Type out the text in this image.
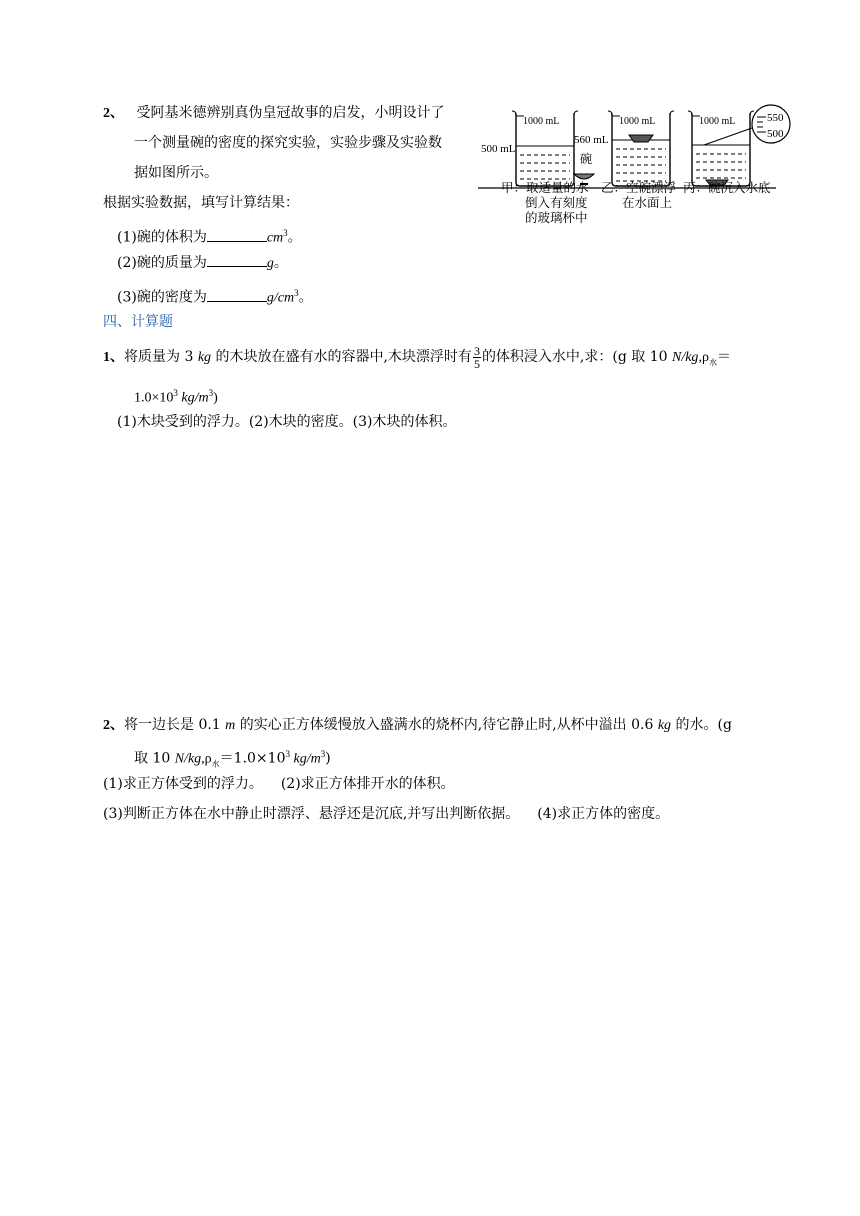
2、 受阿基米德辨别真伪皇冠故事的启发，小明设计了
一个测量碗的密度的探究实验，实验步骤及实验数
据如图所示。
根据实验数据，填写计算结果：
(1)碗的体积为	$cm^3$。
(2)碗的质量为	g。
(3)碗的密度为	$g/cm^3$。
1000 mL
500 mL
1000 mL
560 mL
碗
1000 mL	550
500
甲：取适量的水
倒入有刻度
的玻璃杯中
乙：空碗漂浮
在水面上
丙：碗沉入水底
四、计算题
1、将质量为 3 kg 的木块放在盛有水的容器中,木块漂浮时有 $\frac{3}{5}$ 的体积浸入水中,求：(g 取 10 $N/kg,\rho_水=$
$1.0\times 10^3$ $kg/m^3$)
(1)木块受到的浮力。(2)木块的密度。(3)木块的体积。
2、将一边长是 0.1 m 的实心正方体缓慢放入盛满水的烧杯内,待它静止时,从杯中溢出 0.6 kg 的水。(g
取 10 $N/kg,\rho_水=1.0\times 10^3$ $kg/m^3$)
(1)求正方体受到的浮力。 (2)求正方体排开水的体积。
(3)判断正方体在水中静止时漂浮、悬浮还是沉底,并写出判断依据。 (4)求正方体的密度。
